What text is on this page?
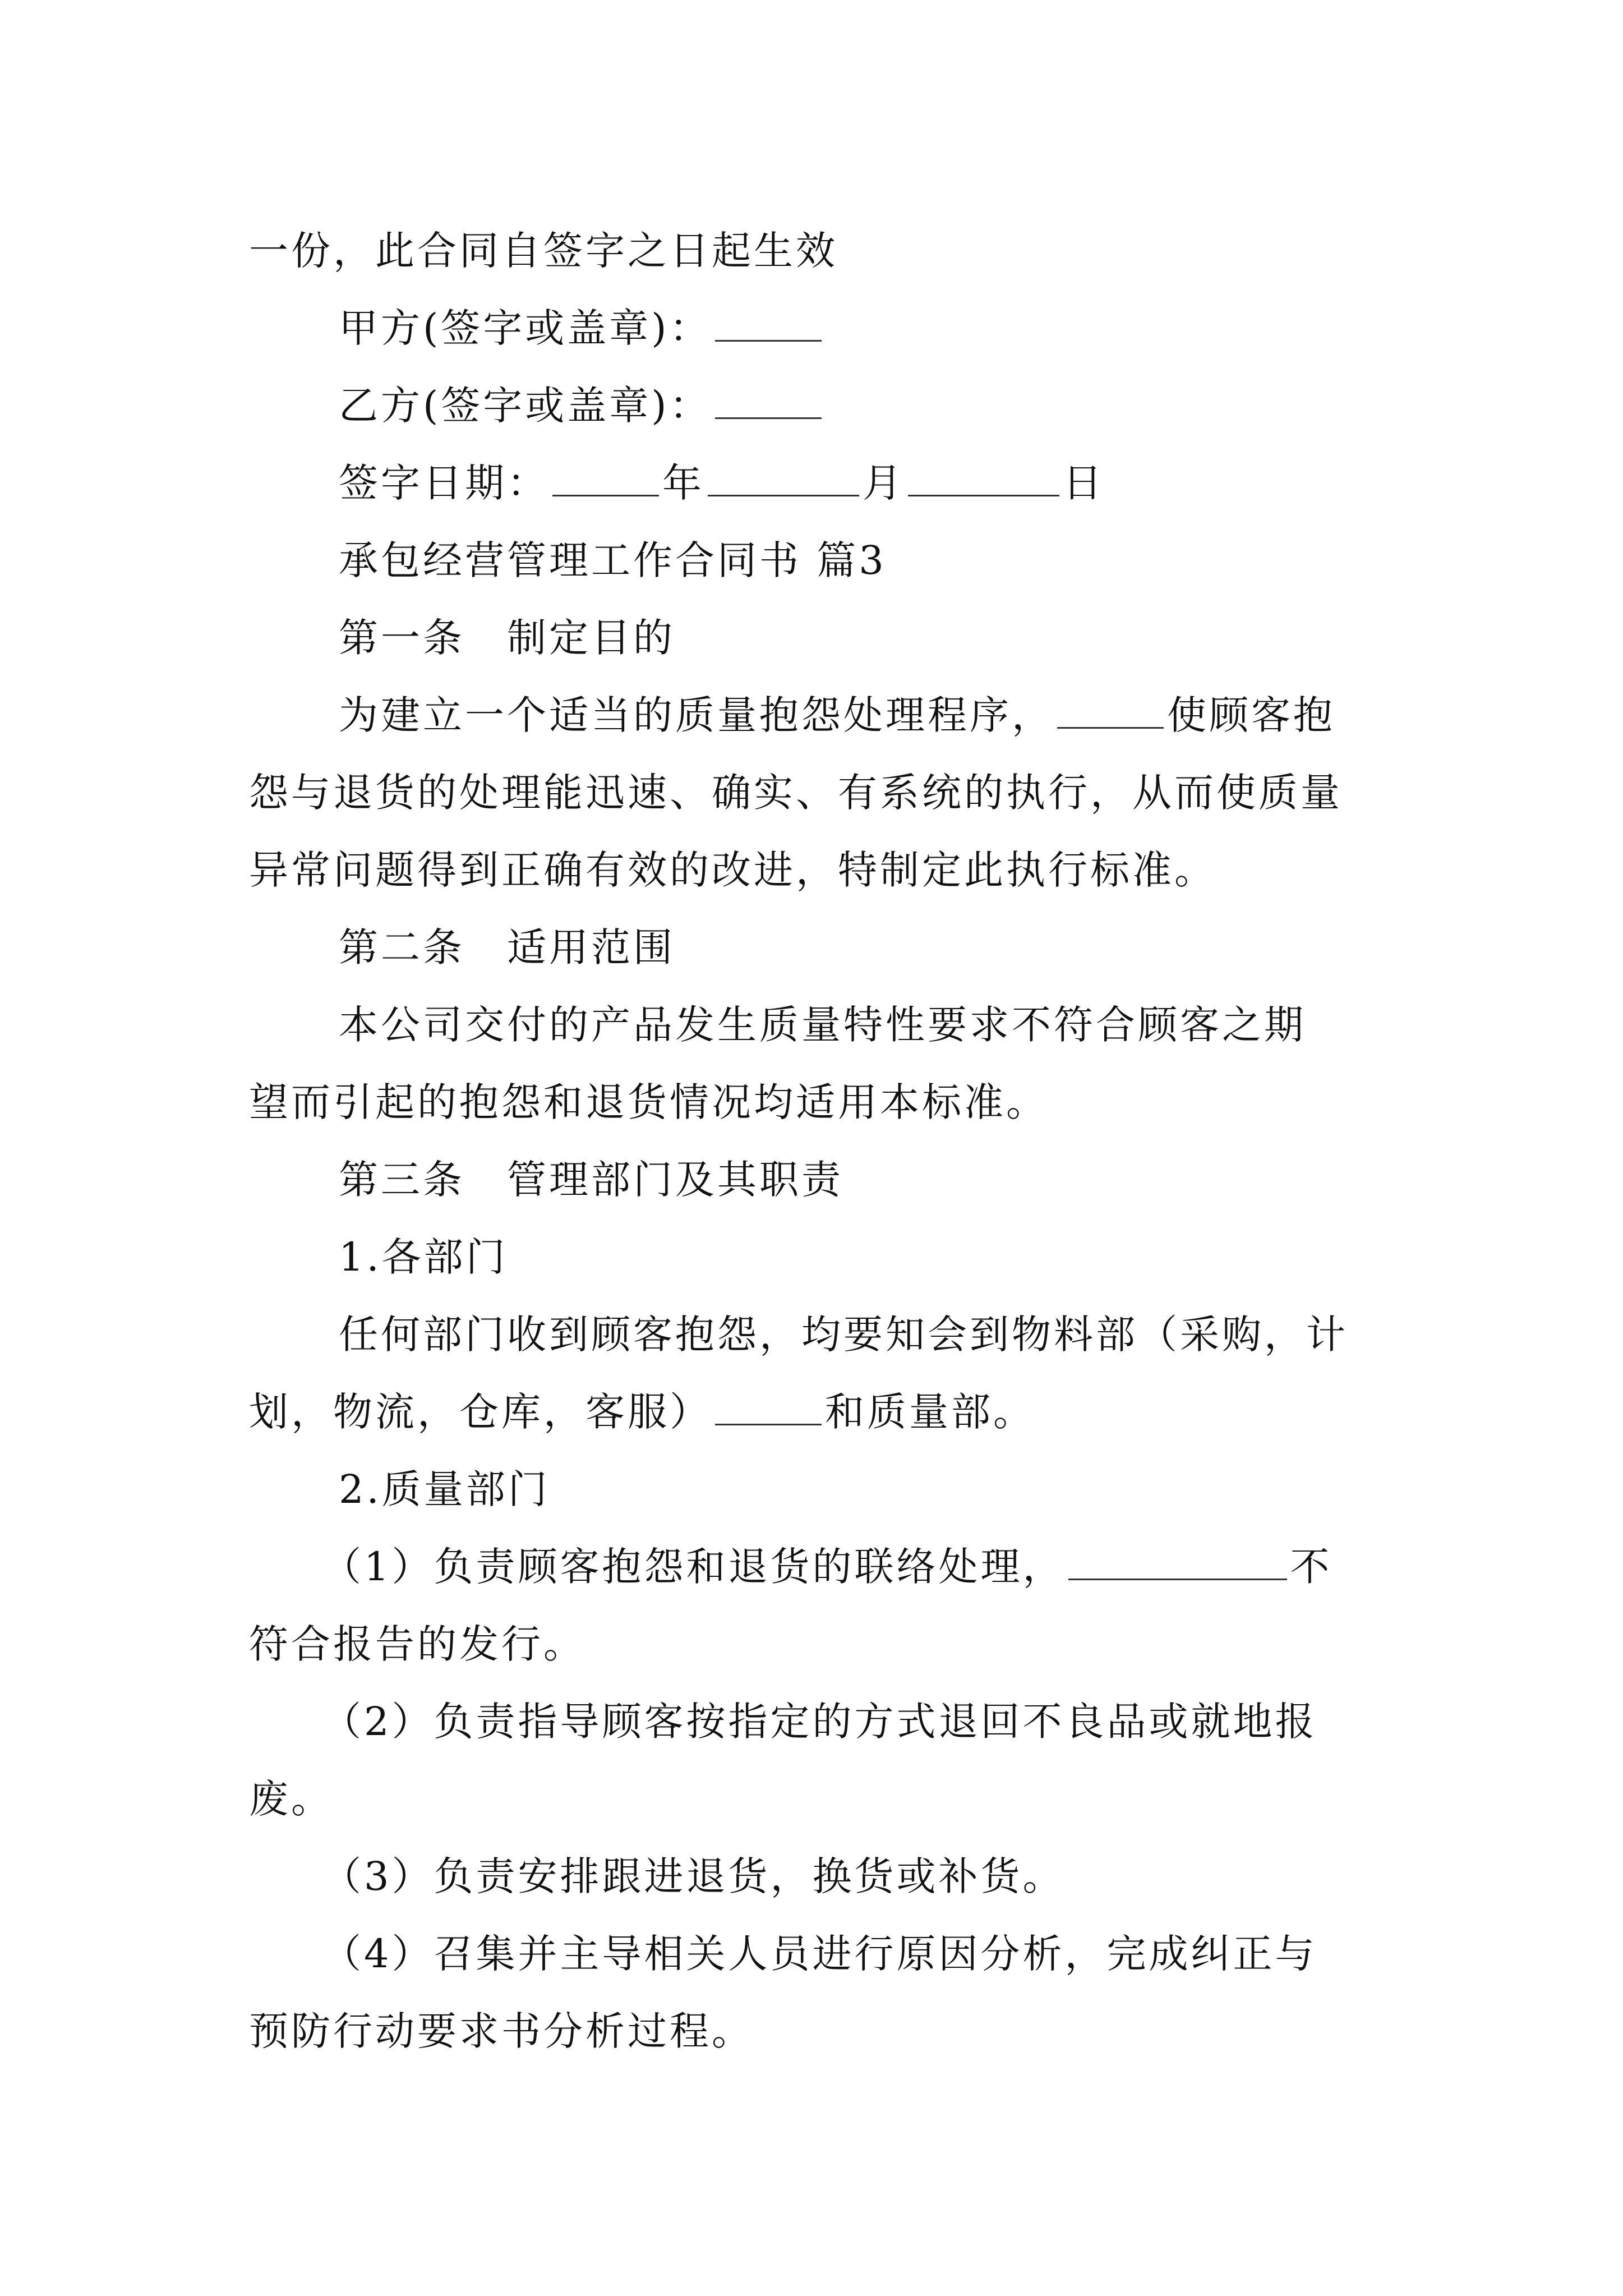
一份，此合同自签字之日起生效
甲方(签字或盖章)：
乙方(签字或盖章)：
签字日期：	年	月	日
承包经营管理工作合同书 篇3
第一条　制定目的
为建立一个适当的质量抱怨处理程序，	使顾客抱
怨与退货的处理能迅速、确实、有系统的执行，从而使质量
异常问题得到正确有效的改进，特制定此执行标准。
第二条　适用范围
本公司交付的产品发生质量特性要求不符合顾客之期
望而引起的抱怨和退货情况均适用本标准。
第三条　管理部门及其职责
1.各部门
任何部门收到顾客抱怨，均要知会到物料部（采购，计
划，物流，仓库，客服）	和质量部。
2.质量部门
（1）负责顾客抱怨和退货的联络处理，	不
符合报告的发行。
（2）负责指导顾客按指定的方式退回不良品或就地报
废。
（3）负责安排跟进退货，换货或补货。
（4）召集并主导相关人员进行原因分析，完成纠正与
预防行动要求书分析过程。
